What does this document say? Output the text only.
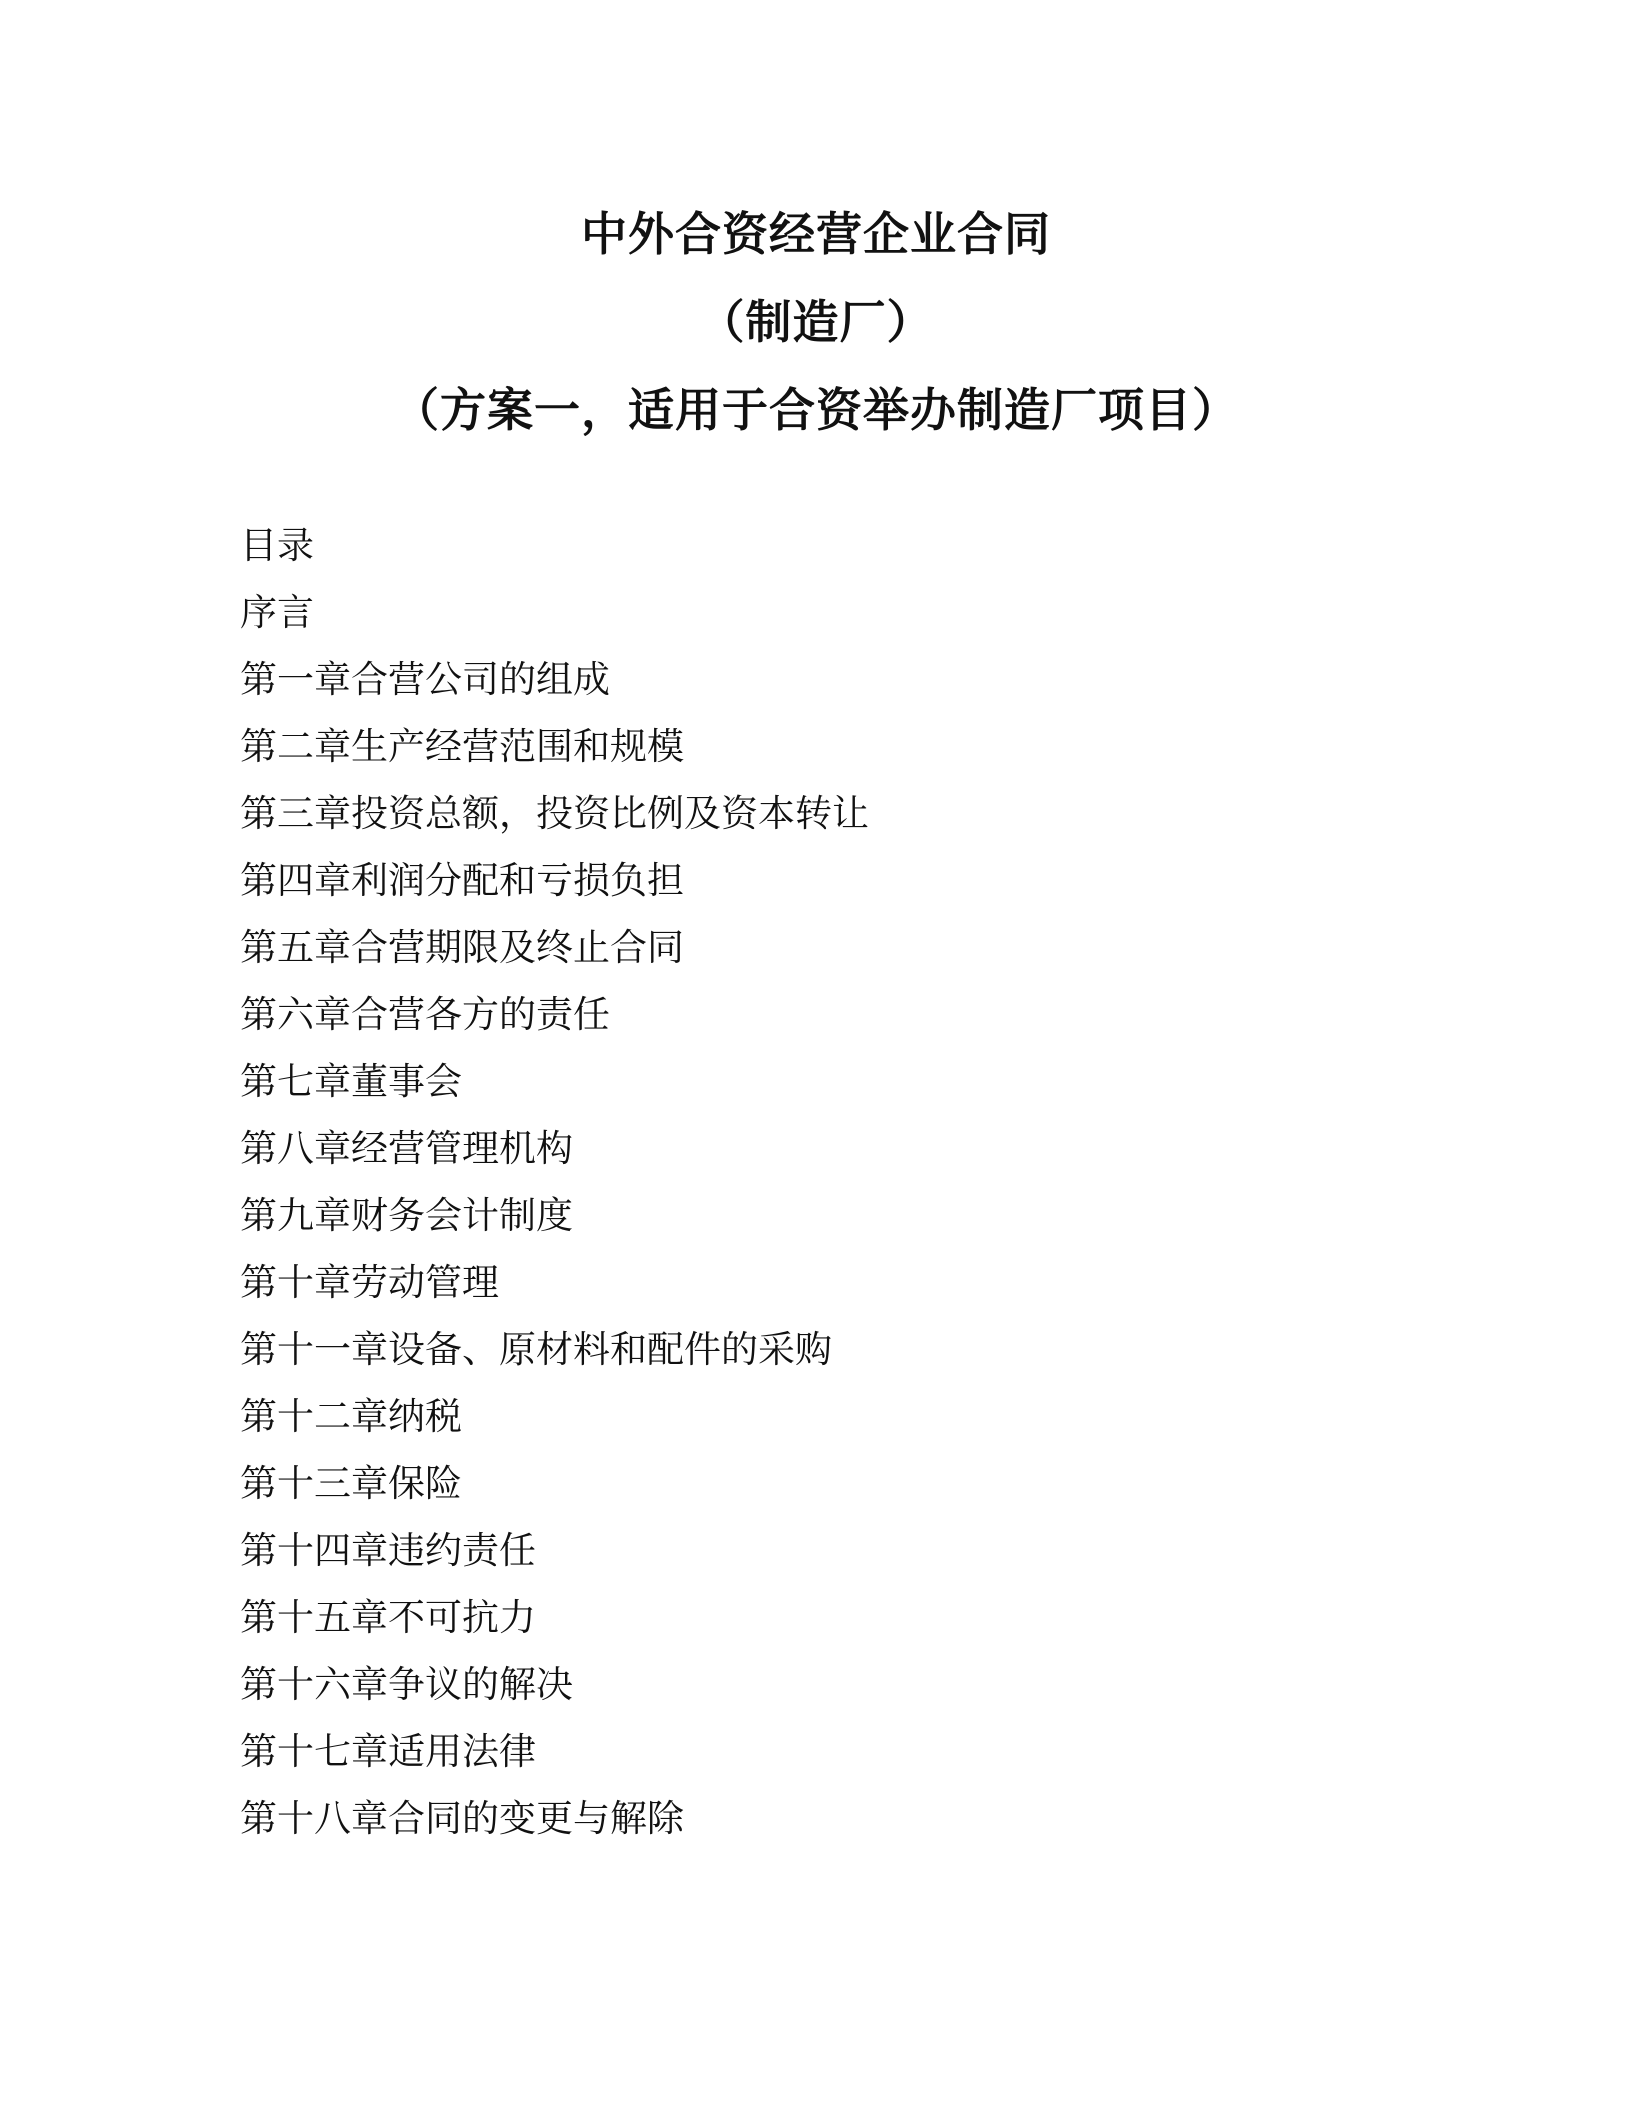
中外合资经营企业合同
（制造厂）
（方案一，适用于合资举办制造厂项目）
目录
序言
第一章合营公司的组成
第二章生产经营范围和规模
第三章投资总额，投资比例及资本转让
第四章利润分配和亏损负担
第五章合营期限及终止合同
第六章合营各方的责任
第七章董事会
第八章经营管理机构
第九章财务会计制度
第十章劳动管理
第十一章设备、原材料和配件的采购
第十二章纳税
第十三章保险
第十四章违约责任
第十五章不可抗力
第十六章争议的解决
第十七章适用法律
第十八章合同的变更与解除
